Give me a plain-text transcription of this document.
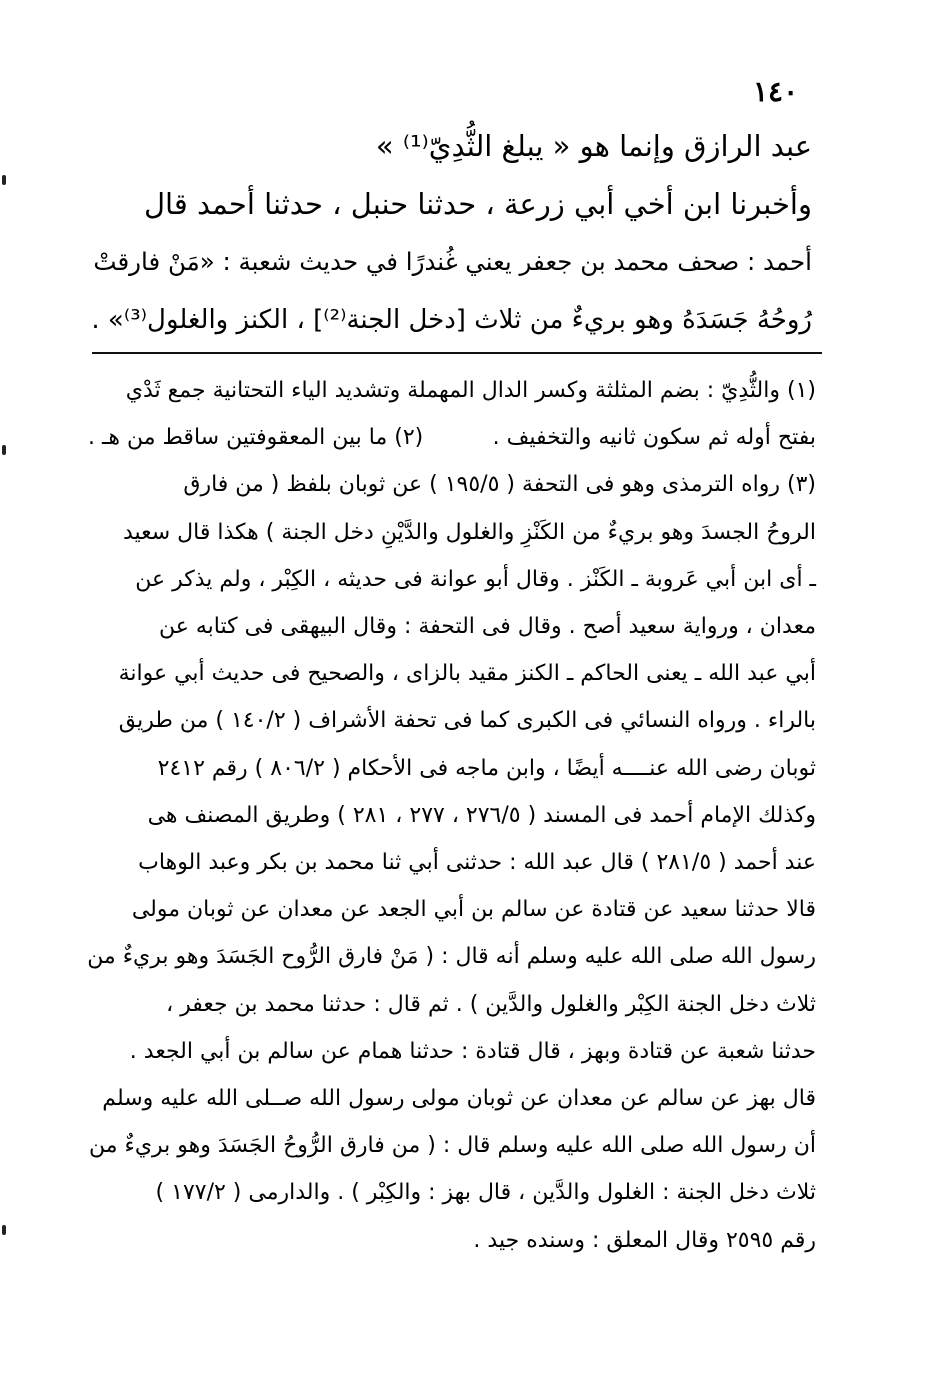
١٤٠
عبد الرازق وإنما هو « يبلغ الثُّدِيّ⁽¹⁾ »
وأخبرنا ابن أخي أبي زرعة ، حدثنا حنبل ، حدثنا أحمد قال
أحمد : صحف محمد بن جعفر يعني غُندرًا في حديث شعبة : «مَنْ فارقتْ
رُوحُهُ جَسَدَهُ وهو بريءٌ من ثلاث [دخل الجنة⁽²⁾] ، الكنز والغلول⁽³⁾» .
(١) والثُّدِيّ : بضم المثلثة وكسر الدال المهملة وتشديد الياء التحتانية جمع ثَدْي
بفتح أوله ثم سكون ثانيه والتخفيف .
(٢) ما بين المعقوفتين ساقط من هـ .
(٣) رواه الترمذى وهو فى التحفة ( ١٩٥/٥ ) عن ثوبان بلفظ ( من فارق
الروحُ الجسدَ وهو بريءٌ من الكَنْزِ والغلول والدَّيْنِ دخل الجنة ) هكذا قال سعيد
ـ أى ابن أبي عَروبة ـ الكَنْز . وقال أبو عوانة فى حديثه ، الكِبْر ، ولم يذكر عن
معدان ، ورواية سعيد أصح . وقال فى التحفة : وقال البيهقى فى كتابه عن
أبي عبد الله ـ يعنى الحاكم ـ الكنز مقيد بالزاى ، والصحيح فى حديث أبي عوانة
بالراء . ورواه النسائي فى الكبرى كما فى تحفة الأشراف ( ١٤٠/٢ ) من طريق
ثوبان رضى الله عنــــه أيضًا ، وابن ماجه فى الأحكام ( ٨٠٦/٢ ) رقم ٢٤١٢
وكذلك الإمام أحمد فى المسند ( ٢٧٦/٥ ، ٢٧٧ ، ٢٨١ ) وطريق المصنف هى
عند أحمد ( ٢٨١/٥ ) قال عبد الله : حدثنى أبي ثنا محمد بن بكر وعبد الوهاب
قالا حدثنا سعيد عن قتادة عن سالم بن أبي الجعد عن معدان عن ثوبان مولى
رسول الله صلى الله عليه وسلم أنه قال : ( مَنْ فارق الرُّوح الجَسَدَ وهو بريءٌ من
ثلاث دخل الجنة الكِبْر والغلول والدَّين ) . ثم قال : حدثنا محمد بن جعفر ،
حدثنا شعبة عن قتادة وبهز ، قال قتادة : حدثنا همام عن سالم بن أبي الجعد .
قال بهز عن سالم عن معدان عن ثوبان مولى رسول الله صــلى الله عليه وسلم
أن رسول الله صلى الله عليه وسلم قال : ( من فارق الرُّوحُ الجَسَدَ وهو بريءٌ من
ثلاث دخل الجنة : الغلول والدَّين ، قال بهز : والكِبْر ) . والدارمى ( ١٧٧/٢ )
رقم ٢٥٩٥ وقال المعلق : وسنده جيد .
